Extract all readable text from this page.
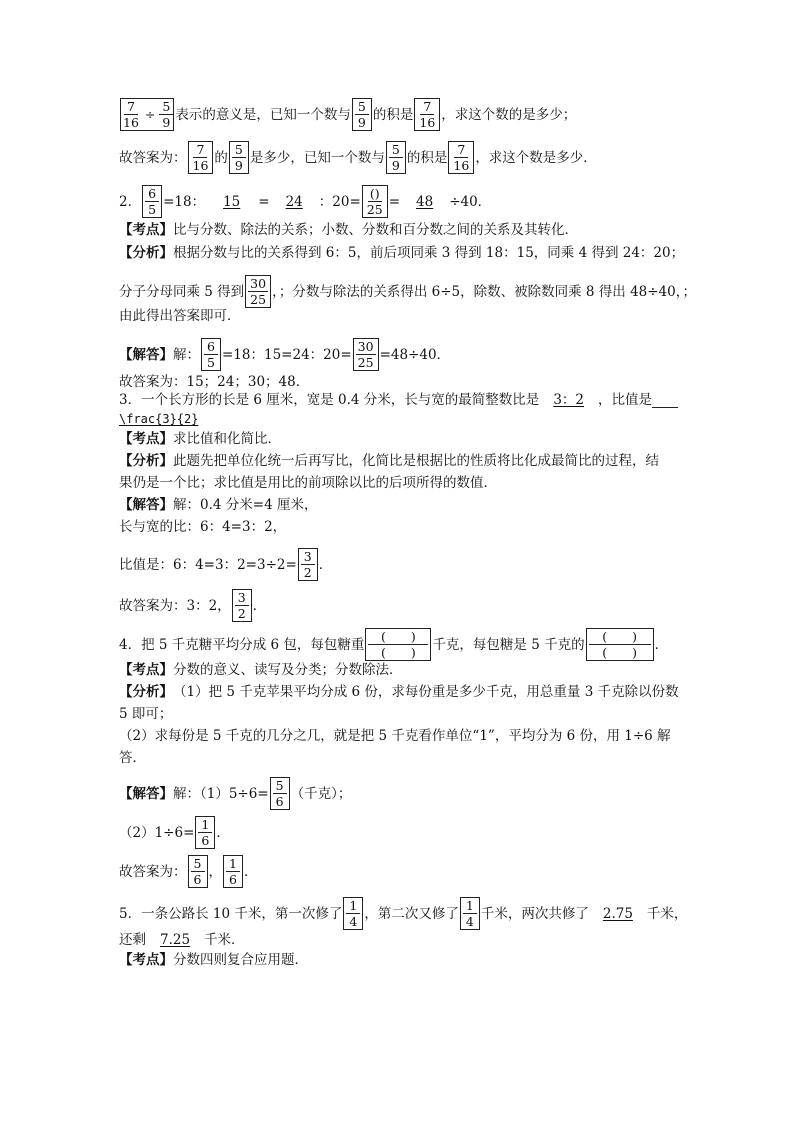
$\frac{7}{16} \div \frac{5}{9}$ 表示的意义是，已知一个数与 $\frac{5}{9}$ 的积是 $\frac{7}{16}$ ，求这个数的是多少；
故答案为： $\frac{7}{16}$ 的 $\frac{5}{9}$ 是多少，已知一个数与 $\frac{5}{9}$ 的积是 $\frac{7}{16}$ ，求这个数是多少．
2． $\frac{6}{5} =18$：	15	=	24	：$20= \frac{()}{25}$ =	48	÷40．
【考点】 比与分数、除法的关系；小数、分数和百分数之间的关系及其转化．
【分析】 根据分数与比的关系得到 6：5，前后项同乘 3 得到 18：15，同乘 4 得到 24：20；
分子分母同乘 5 得到 $\frac{30}{25}$ ，；分数与除法的关系得出 6÷5，除数、被除数同乘 8 得出 48÷40，；
由此得出答案即可．
【解答】 解： $\frac{6}{5} =18$：15=24：$20= \frac{30}{25} =48\div 40$．
故答案为：15；24；30；48．
3．一个长方形的长是 6 厘米，宽是 0.4 分米，长与宽的最简整数比是	3：2	，比值是
\frac{3}{2}
【考点】 求比值和化简比．
【分析】 此题先把单位化统一后再写比，化简比是根据比的性质将比化成最简比的过程，结
果仍是一个比；求比值是用比的前项除以比的后项所得的数值．
【解答】 解：0.4 分米=4 厘米，
长与宽的比：6：4=3：2，
比值是：6：4=3：$2=3\div 2= \frac{3}{2}$ ．
故答案为：3：2， $\frac{3}{2}$ ．
4．把 5 千克糖平均分成 6 包，每包糖重 $\frac{( )}{( )}$ 千克，每包糖是 5 千克的 $\frac{( )}{( )}$ ．
【考点】 分数的意义、读写及分类；分数除法．
【分析】 （1）把 5 千克苹果平均分成 6 份，求每份重是多少千克，用总重量 3 千克除以份数
5 即可；
（2）求每份是 5 千克的几分之几，就是把 5 千克看作单位“1”，平均分为 6 份，用 1÷6 解
答．
【解答】 解：$(1)5\div 6= \frac{5}{6}$ （千克）；
$(2)1\div 6= \frac{1}{6}$ ．
故答案为： $\frac{5}{6}$ ， $\frac{1}{6}$ ．
5．一条公路长 10 千米，第一次修了 $\frac{1}{4}$ ，第二次又修了 $\frac{1}{4}$ 千米，两次共修了	2.75	千米，
还剩	7.25	千米．
【考点】 分数四则复合应用题．
